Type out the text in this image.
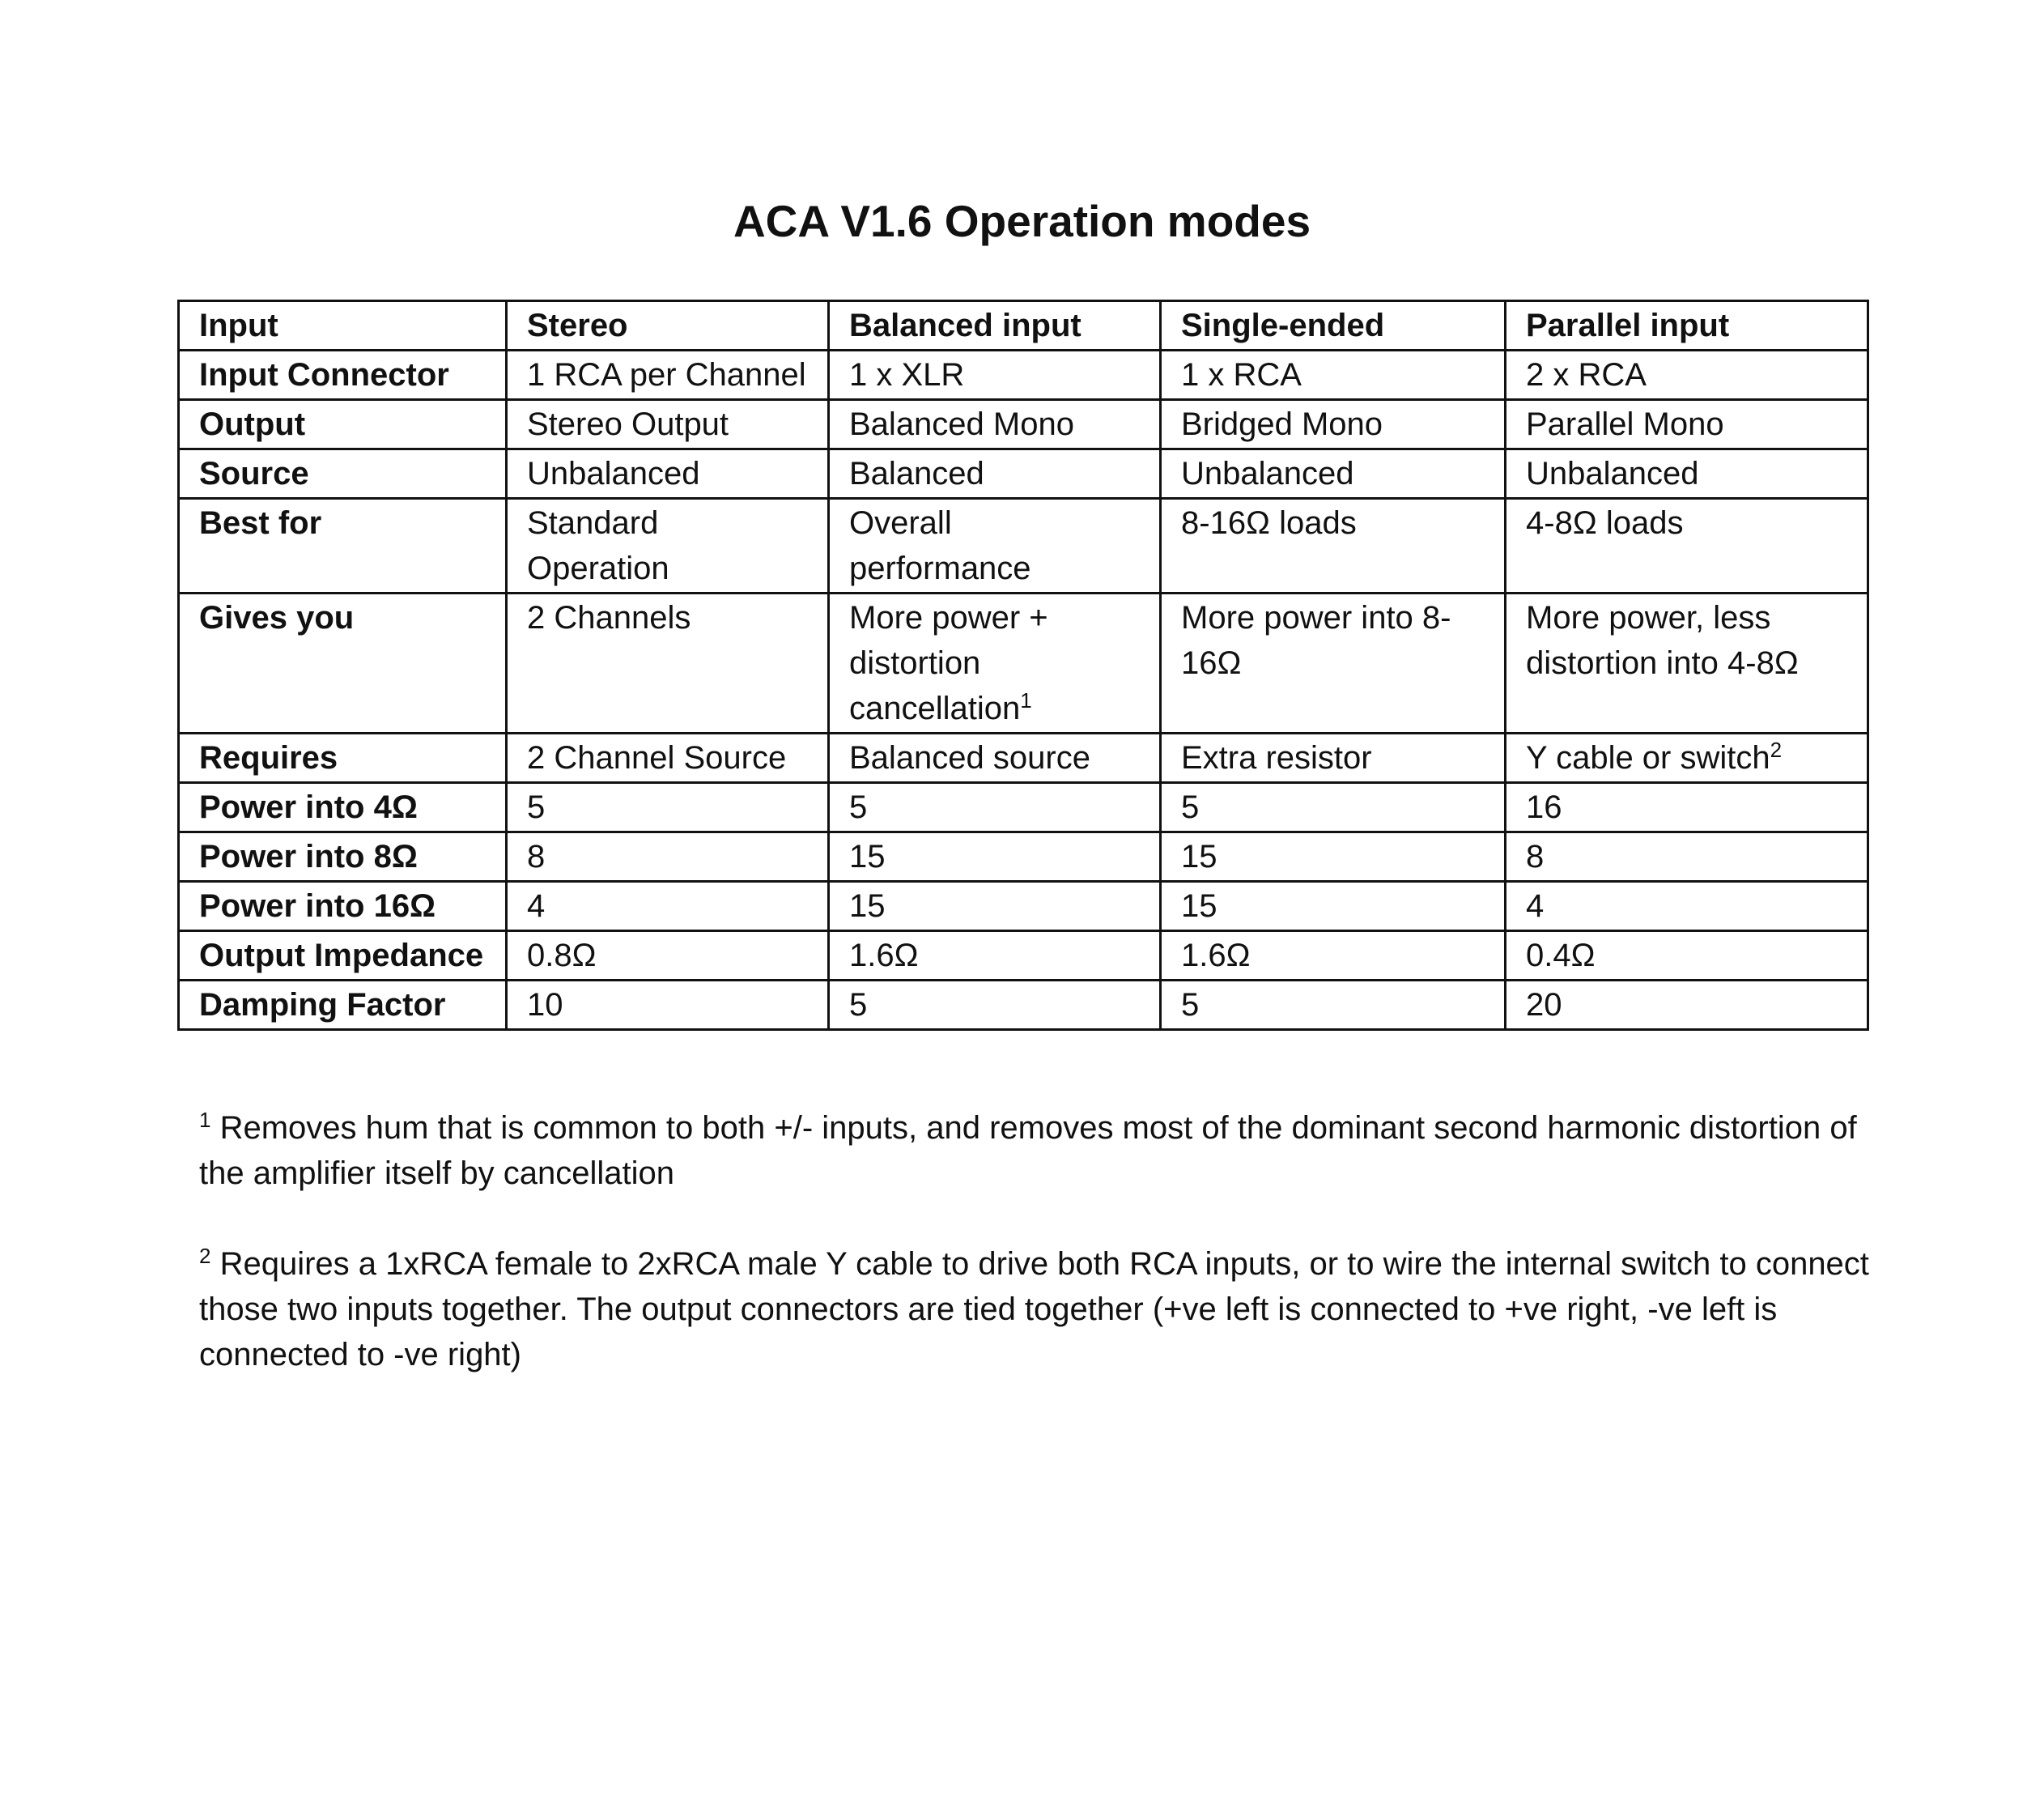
ACA V1.6 Operation modes
Input	Stereo	Balanced input	Single-ended	Parallel input
Input Connector	1 RCA per Channel	1 x XLR	1 x RCA	2 x RCA
Output	Stereo Output	Balanced Mono	Bridged Mono	Parallel Mono
Source	Unbalanced	Balanced	Unbalanced	Unbalanced
Best for	Standard Operation	Overall performance	8-16Ω loads	4-8Ω loads
Gives you	2 Channels	More power + distortion cancellation$^1$	More power into 8-16Ω	More power, less distortion into 4-8Ω
Requires	2 Channel Source	Balanced source	Extra resistor	Y cable or switch$^2$
Power into 4Ω	5	5	5	16
Power into 8Ω	8	15	15	8
Power into 16Ω	4	15	15	4
Output Impedance	0.8Ω	1.6Ω	1.6Ω	0.4Ω
Damping Factor	10	5	5	20

$^1$ Removes hum that is common to both +/- inputs, and removes most of the dominant second harmonic distortion of the amplifier itself by cancellation

$^2$ Requires a 1xRCA female to 2xRCA male Y cable to drive both RCA inputs, or to wire the internal switch to connect those two inputs together. The output connectors are tied together (+ve left is connected to +ve right, -ve left is connected to -ve right)
